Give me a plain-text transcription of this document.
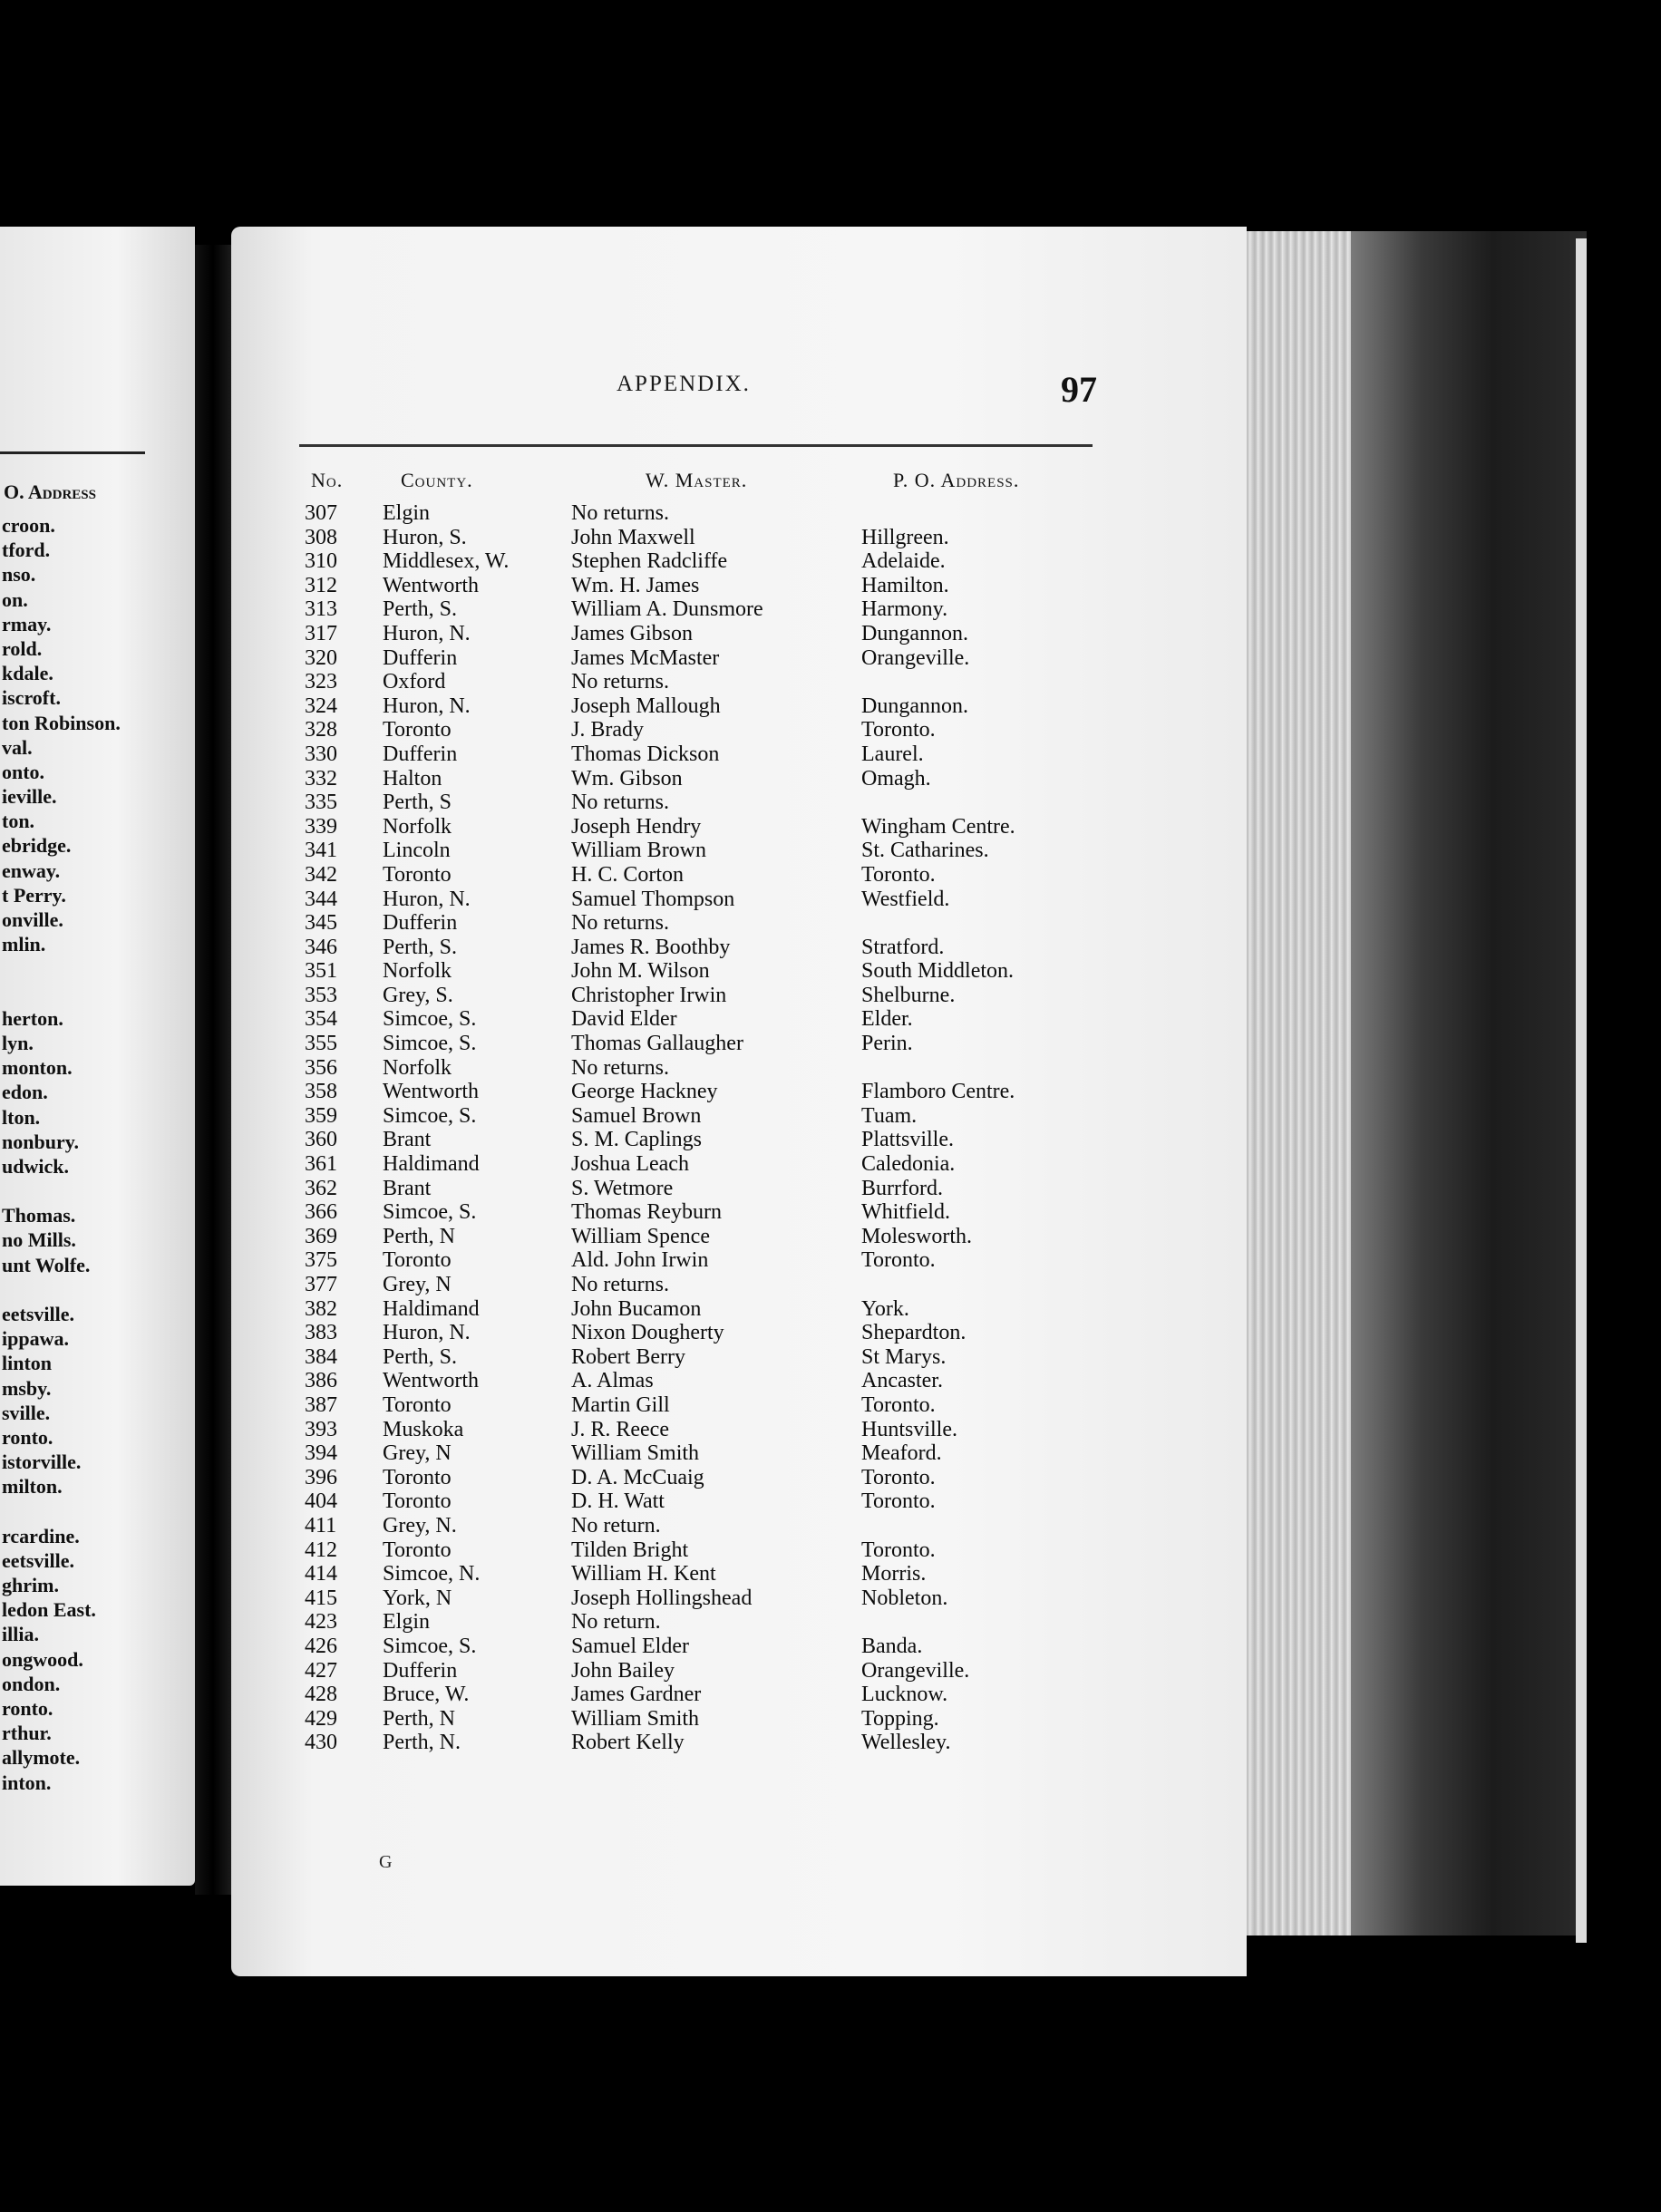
O. Address
croon.
tford.
nso.
on.
rmay.
rold.
kdale.
iscroft.
ton Robinson.
val.
onto.
ieville.
ton.
ebridge.
enway.
t Perry.
onville.
mlin.
herton.
lyn.
monton.
edon.
lton.
nonbury.
udwick.
Thomas.
no Mills.
unt Wolfe.
eetsville.
ippawa.
linton
msby.
sville.
ronto.
istorville.
milton.
rcardine.
eetsville.
ghrim.
ledon East.
illia.
ongwood.
ondon.
ronto.
rthur.
allymote.
inton.
APPENDIX.	97
No.	County.	W. Master.	P. O. Address.
307 Elgin	No returns.
308 Huron, S.	John Maxwell	Hillgreen.
310 Middlesex, W.	Stephen Radcliffe	Adelaide.
312 Wentworth	Wm. H. James	Hamilton.
313 Perth, S.	William A. Dunsmore	Harmony.
317 Huron, N.	James Gibson	Dungannon.
320 Dufferin	James McMaster	Orangeville.
323 Oxford	No returns.
324 Huron, N.	Joseph Mallough	Dungannon.
328 Toronto	J. Brady	Toronto.
330 Dufferin	Thomas Dickson	Laurel.
332 Halton	Wm. Gibson	Omagh.
335 Perth, S	No returns.
339 Norfolk	Joseph Hendry	Wingham Centre.
341 Lincoln	William Brown	St. Catharines.
342 Toronto	H. C. Corton	Toronto.
344 Huron, N.	Samuel Thompson	Westfield.
345 Dufferin	No returns.
346 Perth, S.	James R. Boothby	Stratford.
351 Norfolk	John M. Wilson	South Middleton.
353 Grey, S.	Christopher Irwin	Shelburne.
354 Simcoe, S.	David Elder	Elder.
355 Simcoe, S.	Thomas Gallaugher	Perin.
356 Norfolk	No returns.
358 Wentworth	George Hackney	Flamboro Centre.
359 Simcoe, S.	Samuel Brown	Tuam.
360 Brant	S. M. Caplings	Plattsville.
361 Haldimand	Joshua Leach	Caledonia.
362 Brant	S. Wetmore	Burrford.
366 Simcoe, S.	Thomas Reyburn	Whitfield.
369 Perth, N	William Spence	Molesworth.
375 Toronto	Ald. John Irwin	Toronto.
377 Grey, N	No returns.
382 Haldimand	John Bucamon	York.
383 Huron, N.	Nixon Dougherty	Shepardton.
384 Perth, S.	Robert Berry	St Marys.
386 Wentworth	A. Almas	Ancaster.
387 Toronto	Martin Gill	Toronto.
393 Muskoka	J. R. Reece	Huntsville.
394 Grey, N	William Smith	Meaford.
396 Toronto	D. A. McCuaig	Toronto.
404 Toronto	D. H. Watt	Toronto.
411 Grey, N.	No return.
412 Toronto	Tilden Bright	Toronto.
414 Simcoe, N.	William H. Kent	Morris.
415 York, N	Joseph Hollingshead	Nobleton.
423 Elgin	No return.
426 Simcoe, S.	Samuel Elder	Banda.
427 Dufferin	John Bailey	Orangeville.
428 Bruce, W.	James Gardner	Lucknow.
429 Perth, N	William Smith	Topping.
430 Perth, N.	Robert Kelly	Wellesley.
G
